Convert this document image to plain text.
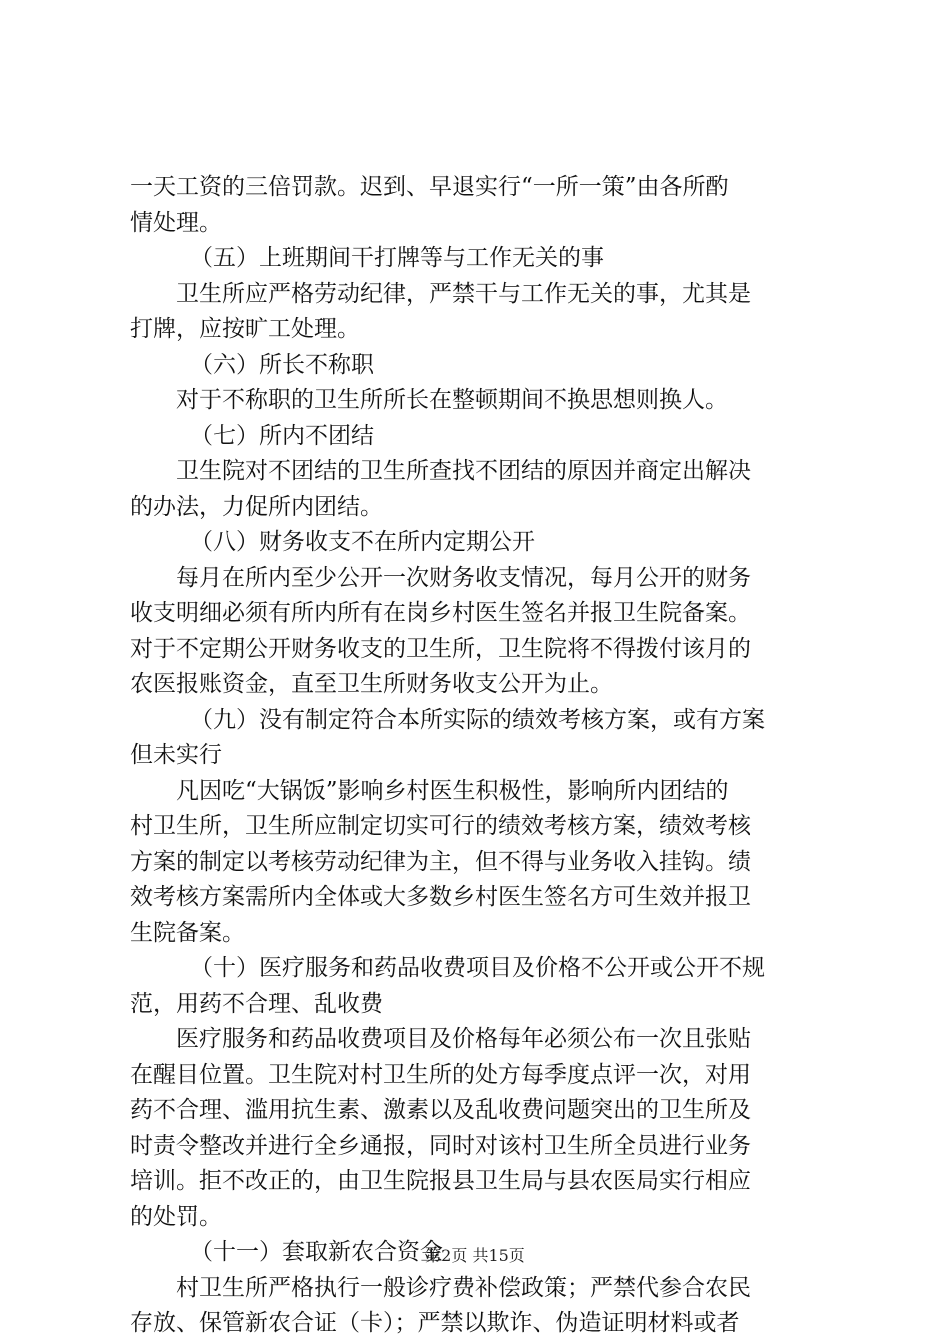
一天工资的三倍罚款。迟到、早退实行“一所一策”由各所酌
情处理。
（五）上班期间干打牌等与工作无关的事
卫生所应严格劳动纪律，严禁干与工作无关的事，尤其是
打牌，应按旷工处理。
（六）所长不称职
对于不称职的卫生所所长在整顿期间不换思想则换人。
（七）所内不团结
卫生院对不团结的卫生所查找不团结的原因并商定出解决
的办法，力促所内团结。
（八）财务收支不在所内定期公开
每月在所内至少公开一次财务收支情况，每月公开的财务
收支明细必须有所内所有在岗乡村医生签名并报卫生院备案。
对于不定期公开财务收支的卫生所，卫生院将不得拨付该月的
农医报账资金，直至卫生所财务收支公开为止。
（九）没有制定符合本所实际的绩效考核方案，或有方案
但未实行
凡因吃“大锅饭”影响乡村医生积极性，影响所内团结的
村卫生所，卫生所应制定切实可行的绩效考核方案，绩效考核
方案的制定以考核劳动纪律为主，但不得与业务收入挂钩。绩
效考核方案需所内全体或大多数乡村医生签名方可生效并报卫
生院备案。
（十）医疗服务和药品收费项目及价格不公开或公开不规
范，用药不合理、乱收费
医疗服务和药品收费项目及价格每年必须公布一次且张贴
在醒目位置。卫生院对村卫生所的处方每季度点评一次，对用
药不合理、滥用抗生素、激素以及乱收费问题突出的卫生所及
时责令整改并进行全乡通报，同时对该村卫生所全员进行业务
培训。拒不改正的，由卫生院报县卫生局与县农医局实行相应
的处罚。
（十一）套取新农合资金
村卫生所严格执行一般诊疗费补偿政策；严禁代参合农民
存放、保管新农合证（卡）；严禁以欺诈、伪造证明材料或者
第2页 共15页
